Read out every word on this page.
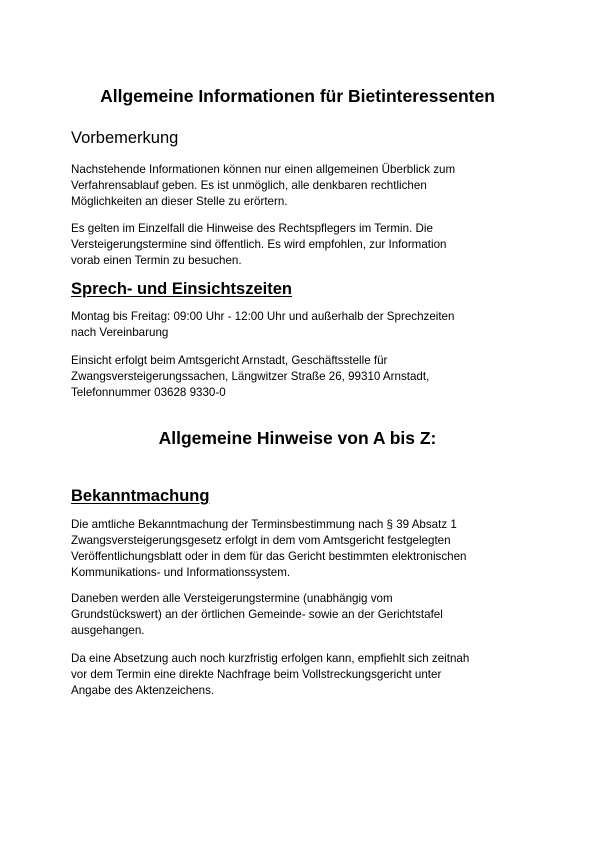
Allgemeine Informationen für Bietinteressenten
Vorbemerkung

Nachstehende Informationen können nur einen allgemeinen Überblick zum
Verfahrensablauf geben. Es ist unmöglich, alle denkbaren rechtlichen
Möglichkeiten an dieser Stelle zu erörtern.

Es gelten im Einzelfall die Hinweise des Rechtspflegers im Termin. Die
Versteigerungstermine sind öffentlich. Es wird empfohlen, zur Information
vorab einen Termin zu besuchen.

Sprech- und Einsichtszeiten

Montag bis Freitag: 09:00 Uhr - 12:00 Uhr und außerhalb der Sprechzeiten
nach Vereinbarung

Einsicht erfolgt beim Amtsgericht Arnstadt, Geschäftsstelle für
Zwangsversteigerungssachen, Längwitzer Straße 26, 99310 Arnstadt,
Telefonnummer 03628 9330-0

Allgemeine Hinweise von A bis Z:
Bekanntmachung

Die amtliche Bekanntmachung der Terminsbestimmung nach § 39 Absatz 1
Zwangsversteigerungsgesetz erfolgt in dem vom Amtsgericht festgelegten
Veröffentlichungsblatt oder in dem für das Gericht bestimmten elektronischen
Kommunikations- und Informationssystem.

Daneben werden alle Versteigerungstermine (unabhängig vom
Grundstückswert) an der örtlichen Gemeinde- sowie an der Gerichtstafel
ausgehangen.

Da eine Absetzung auch noch kurzfristig erfolgen kann, empfiehlt sich zeitnah
vor dem Termin eine direkte Nachfrage beim Vollstreckungsgericht unter
Angabe des Aktenzeichens.
